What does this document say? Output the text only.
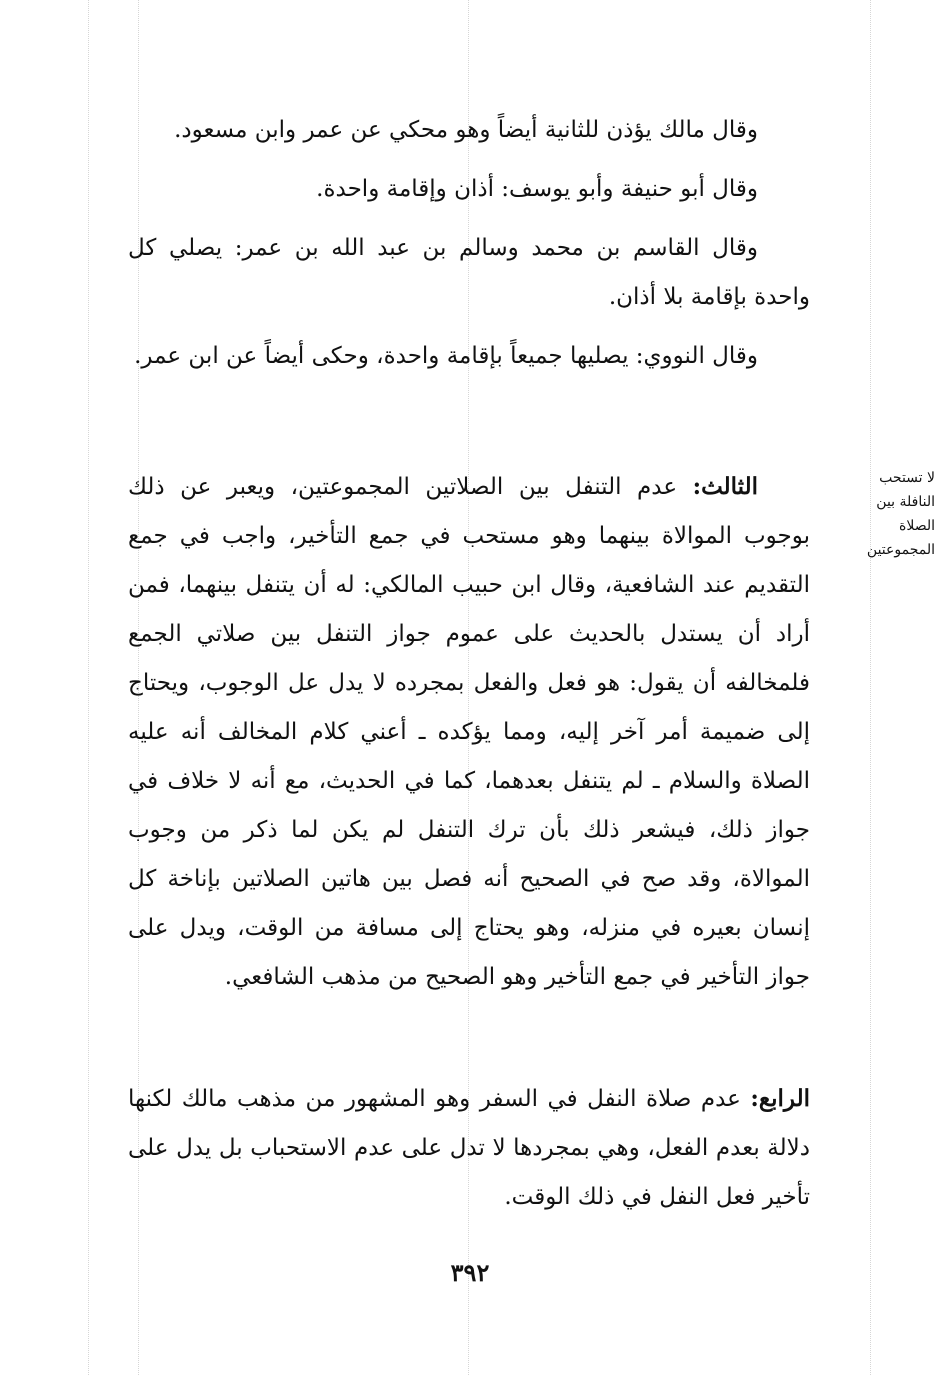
وقال مالك يؤذن للثانية أيضاً وهو محكي عن عمر وابن مسعود.

وقال أبو حنيفة وأبو يوسف: أذان وإقامة واحدة.

وقال القاسم بن محمد وسالم بن عبد الله بن عمر: يصلي كل واحدة بإقامة بلا أذان.

وقال النووي: يصليها جميعاً بإقامة واحدة، وحكى أيضاً عن ابن عمر.

الثالث: عدم التنفل بين الصلاتين المجموعتين، ويعبر عن ذلك بوجوب الموالاة بينهما وهو مستحب في جمع التأخير، واجب في جمع التقديم عند الشافعية، وقال ابن حبيب المالكي: له أن يتنفل بينهما، فمن أراد أن يستدل بالحديث على عموم جواز التنفل بين صلاتي الجمع فلمخالفه أن يقول: هو فعل والفعل بمجرده لا يدل عل الوجوب، ويحتاج إلى ضميمة أمر آخر إليه، ومما يؤكده ـ أعني كلام المخالف أنه عليه الصلاة والسلام ـ لم يتنفل بعدهما، كما في الحديث، مع أنه لا خلاف في جواز ذلك، فيشعر ذلك بأن ترك التنفل لم يكن لما ذكر من وجوب الموالاة، وقد صح في الصحيح أنه فصل بين هاتين الصلاتين بإناخة كل إنسان بعيره في منزله، وهو يحتاج إلى مسافة من الوقت، ويدل على جواز التأخير في جمع التأخير وهو الصحيح من مذهب الشافعي.

الرابع: عدم صلاة النفل في السفر وهو المشهور من مذهب مالك لكنها دلالة بعدم الفعل، وهي بمجردها لا تدل على عدم الاستحباب بل يدل على تأخير فعل النفل في ذلك الوقت.

لا تستحب
النافلة بين
الصلاة
المجموعتين
٣٩٢
